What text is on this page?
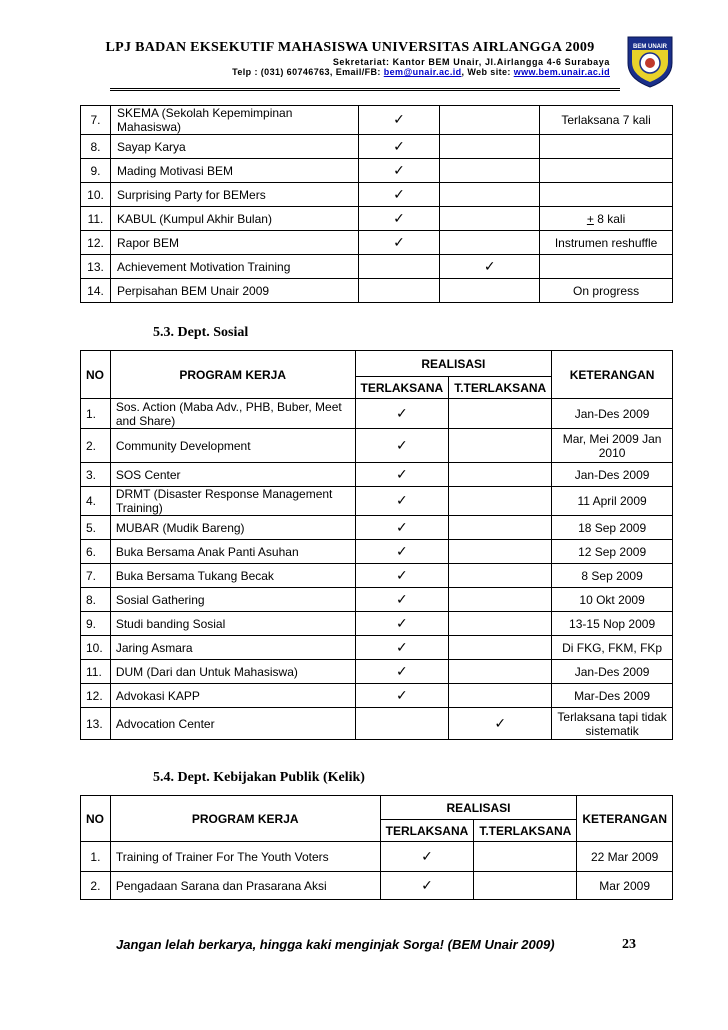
LPJ BADAN EKSEKUTIF MAHASISWA UNIVERSITAS AIRLANGGA 2009
Sekretariat: Kantor BEM Unair, Jl.Airlangga 4-6 Surabaya
Telp : (031) 60746763, Email/FB: bem@unair.ac.id, Web site: www.bem.unair.ac.id
BEM UNAIR
7.	SKEMA (Sekolah Kepemimpinan Mahasiswa)	✓		Terlaksana 7 kali
8.	Sayap Karya	✓		
9.	Mading Motivasi BEM	✓		
10.	Surprising Party for BEMers	✓		
11.	KABUL (Kumpul Akhir Bulan)	✓		+ 8 kali
12.	Rapor BEM	✓		Instrumen reshuffle
13.	Achievement Motivation Training		✓	
14.	Perpisahan BEM Unair 2009			On progress
5.3. Dept. Sosial
NO	PROGRAM KERJA	REALISASI		KETERANGAN
		TERLAKSANA	T.TERLAKSANA	
1.	Sos. Action (Maba Adv., PHB, Buber, Meet and Share)	✓		Jan-Des 2009
2.	Community Development	✓		Mar, Mei 2009 Jan 2010
3.	SOS Center	✓		Jan-Des 2009
4.	DRMT (Disaster Response Management Training)	✓		11 April 2009
5.	MUBAR (Mudik Bareng)	✓		18 Sep 2009
6.	Buka Bersama Anak Panti Asuhan	✓		12 Sep 2009
7.	Buka Bersama Tukang Becak	✓		8 Sep 2009
8.	Sosial Gathering	✓		10 Okt 2009
9.	Studi banding Sosial	✓		13-15 Nop 2009
10.	Jaring Asmara	✓		Di FKG, FKM, FKp
11.	DUM (Dari dan Untuk Mahasiswa)	✓		Jan-Des 2009
12.	Advokasi KAPP	✓		Mar-Des 2009
13.	Advocation Center		✓	Terlaksana tapi tidak sistematik
5.4. Dept. Kebijakan Publik (Kelik)
NO	PROGRAM KERJA	REALISASI		KETERANGAN
		TERLAKSANA	T.TERLAKSANA	
1.	Training of Trainer For The Youth Voters	✓		22 Mar 2009
2.	Pengadaan Sarana dan Prasarana Aksi	✓		Mar 2009
Jangan lelah berkarya, hingga kaki menginjak Sorga! (BEM Unair 2009)	23
